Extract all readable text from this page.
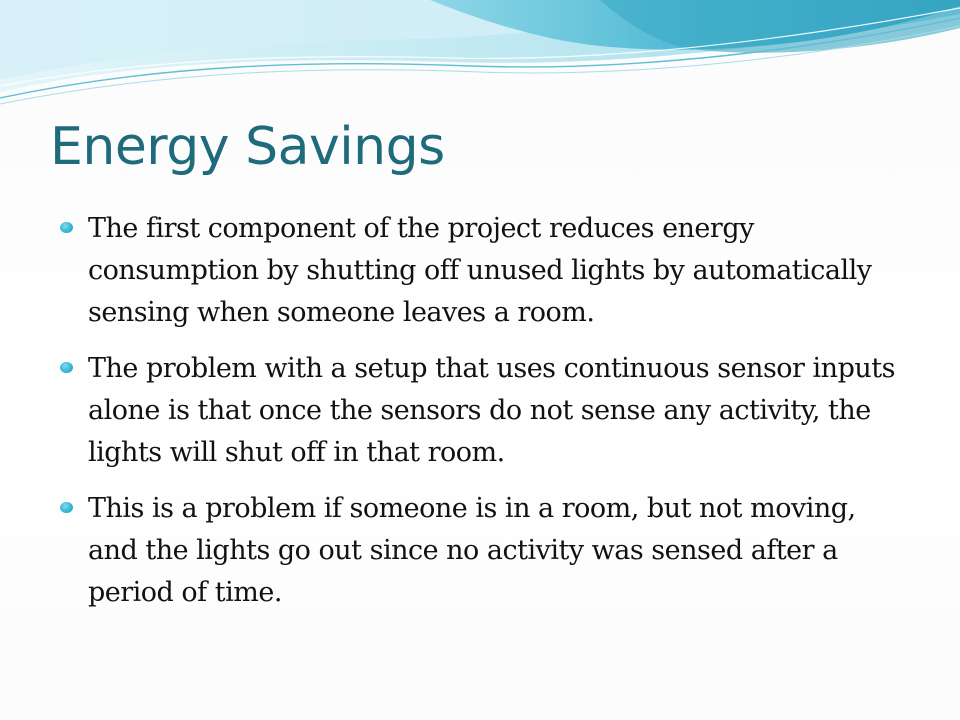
Energy Savings
The first component of the project reduces energy consumption by shutting off unused lights by automatically sensing when someone leaves a room.
The problem with a setup that uses continuous sensor inputs alone is that once the sensors do not sense any activity, the lights will shut off in that room.
This is a problem if someone is in a room, but not moving, and the lights go out since no activity was sensed after a period of time.
